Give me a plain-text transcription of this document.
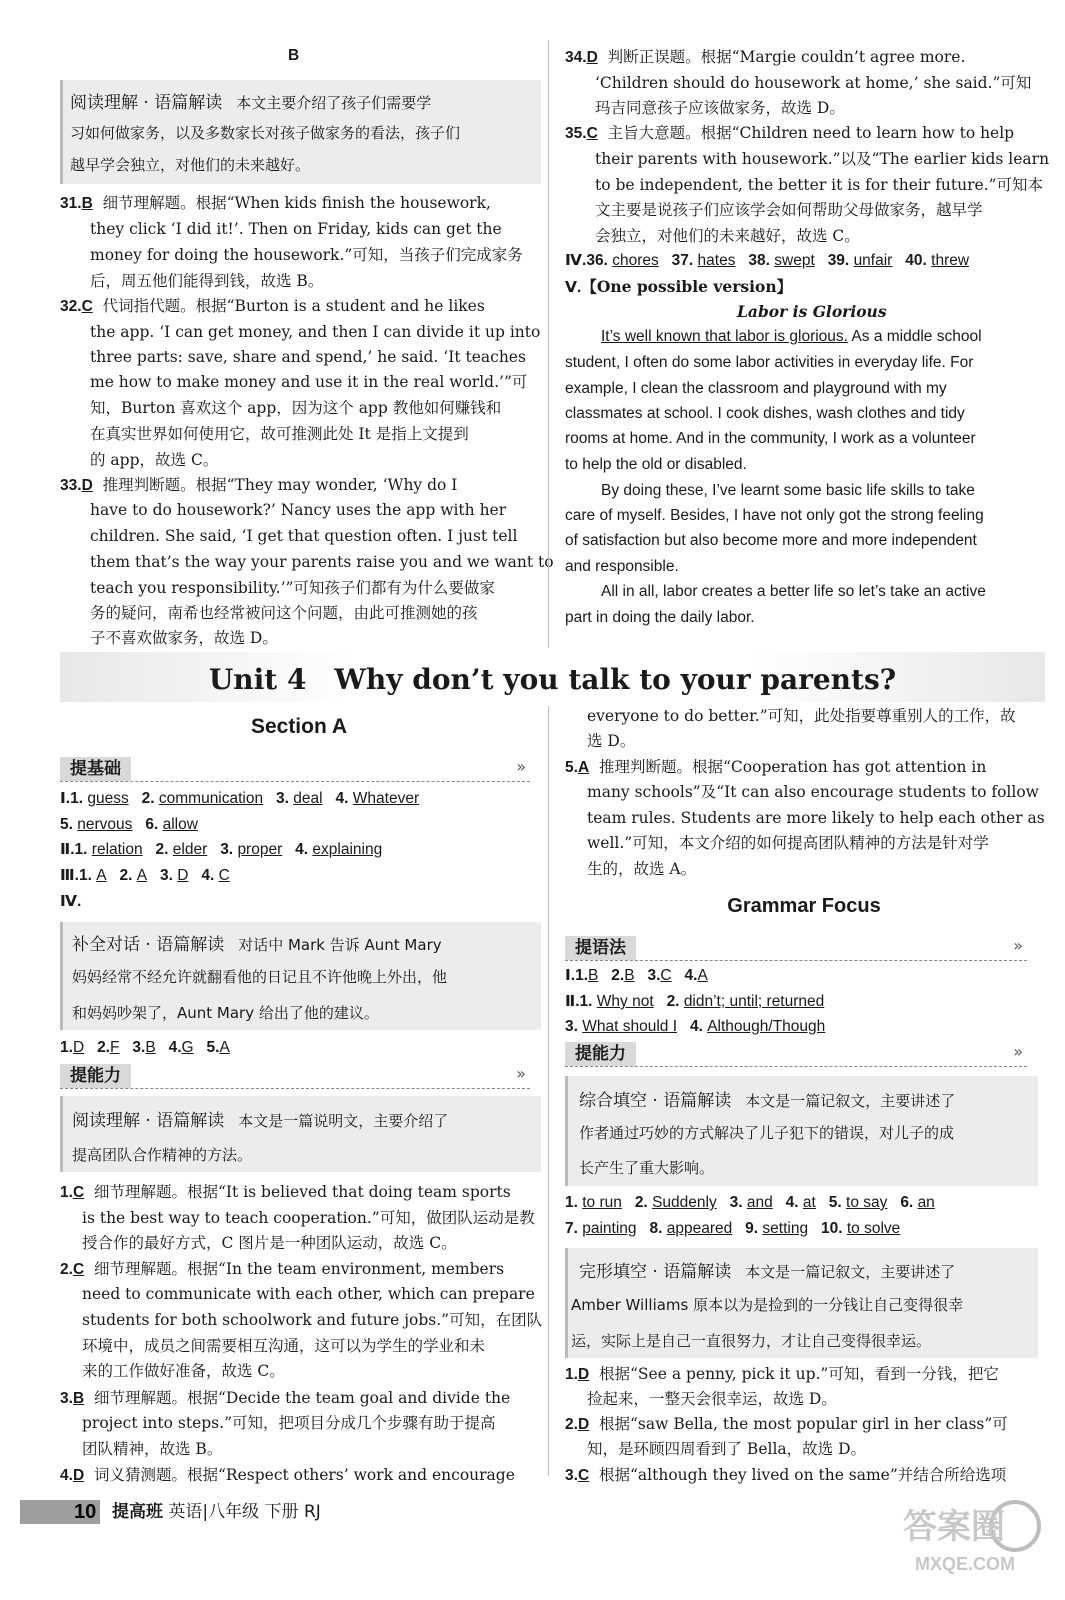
B
阅读理解 · 语篇解读 本文主要介绍了孩子们需要学
习如何做家务，以及多数家长对孩子做家务的看法，孩子们
越早学会独立，对他们的未来越好。
31.B 细节理解题。根据“When kids finish the housework,
they click ‘I did it!’. Then on Friday, kids can get the
money for doing the housework.”可知，当孩子们完成家务
后，周五他们能得到钱，故选 B。
32.C 代词指代题。根据“Burton is a student and he likes
the app. ‘I can get money, and then I can divide it up into
three parts: save, share and spend,’ he said. ‘It teaches
me how to make money and use it in the real world.’”可
知，Burton 喜欢这个 app，因为这个 app 教他如何赚钱和
在真实世界如何使用它，故可推测此处 It 是指上文提到
的 app，故选 C。
33.D 推理判断题。根据“They may wonder, ‘Why do I
have to do housework?’ Nancy uses the app with her
children. She said, ‘I get that question often. I just tell
them that’s the way your parents raise you and we want to
teach you responsibility.’”可知孩子们都有为什么要做家
务的疑问，南希也经常被问这个问题，由此可推测她的孩
子不喜欢做家务，故选 D。
34.D 判断正误题。根据“Margie couldn’t agree more.
‘Children should do housework at home,’ she said.”可知
玛吉同意孩子应该做家务，故选 D。
35.C 主旨大意题。根据“Children need to learn how to help
their parents with housework.”以及“The earlier kids learn
to be independent, the better it is for their future.”可知本
文主要是说孩子们应该学会如何帮助父母做家务，越早学
会独立，对他们的未来越好，故选 C。
Ⅳ.36. chores 37. hates 38. swept 39. unfair 40. threw
Ⅴ.【One possible version】
Labor is Glorious
It’s well known that labor is glorious. As a middle school
student, I often do some labor activities in everyday life. For
example, I clean the classroom and playground with my
classmates at school. I cook dishes, wash clothes and tidy
rooms at home. And in the community, I work as a volunteer
to help the old or disabled.
By doing these, I’ve learnt some basic life skills to take
care of myself. Besides, I have not only got the strong feeling
of satisfaction but also become more and more independent
and responsible.
All in all, labor creates a better life so let’s take an active
part in doing the daily labor.
Unit 4　Why don’t you talk to your parents?
Section A
提基础	»
Ⅰ.1. guess 2. communication 3. deal 4. Whatever
5. nervous 6. allow
Ⅱ.1. relation 2. elder 3. proper 4. explaining
Ⅲ.1. A 2. A 3. D 4. C
Ⅳ.
补全对话 · 语篇解读 对话中 Mark 告诉 Aunt Mary
妈妈经常不经允许就翻看他的日记且不许他晚上外出，他
和妈妈吵架了，Aunt Mary 给出了他的建议。
1.D 2.F 3.B 4.G 5.A
提能力	»
阅读理解 · 语篇解读 本文是一篇说明文，主要介绍了
提高团队合作精神的方法。
1.C 细节理解题。根据“It is believed that doing team sports
is the best way to teach cooperation.”可知，做团队运动是教
授合作的最好方式，C 图片是一种团队运动，故选 C。
2.C 细节理解题。根据“In the team environment, members
need to communicate with each other, which can prepare
students for both schoolwork and future jobs.”可知，在团队
环境中，成员之间需要相互沟通，这可以为学生的学业和未
来的工作做好准备，故选 C。
3.B 细节理解题。根据“Decide the team goal and divide the
project into steps.”可知，把项目分成几个步骤有助于提高
团队精神，故选 B。
4.D 词义猜测题。根据“Respect others’ work and encourage
everyone to do better.”可知，此处指要尊重别人的工作，故
选 D。
5.A 推理判断题。根据“Cooperation has got attention in
many schools”及“It can also encourage students to follow
team rules. Students are more likely to help each other as
well.”可知，本文介绍的如何提高团队精神的方法是针对学
生的，故选 A。
Grammar Focus
提语法	»
Ⅰ.1.B 2.B 3.C 4.A
Ⅱ.1. Why not 2. didn’t; until; returned
3. What should I 4. Although/Though
提能力	»
综合填空 · 语篇解读 本文是一篇记叙文，主要讲述了
作者通过巧妙的方式解决了儿子犯下的错误，对儿子的成
长产生了重大影响。
1. to run 2. Suddenly 3. and 4. at 5. to say 6. an
7. painting 8. appeared 9. setting 10. to solve
完形填空 · 语篇解读 本文是一篇记叙文，主要讲述了
Amber Williams 原本以为是捡到的一分钱让自己变得很幸
运，实际上是自己一直很努力，才让自己变得很幸运。
1.D 根据“See a penny, pick it up.”可知，看到一分钱，把它
捡起来，一整天会很幸运，故选 D。
2.D 根据“saw Bella, the most popular girl in her class”可
知，是环顾四周看到了 Bella，故选 D。
3.C 根据“although they lived on the same”并结合所给选项
10 提高班 英语|八年级 下册 RJ	答案圈
MXQE.COM
